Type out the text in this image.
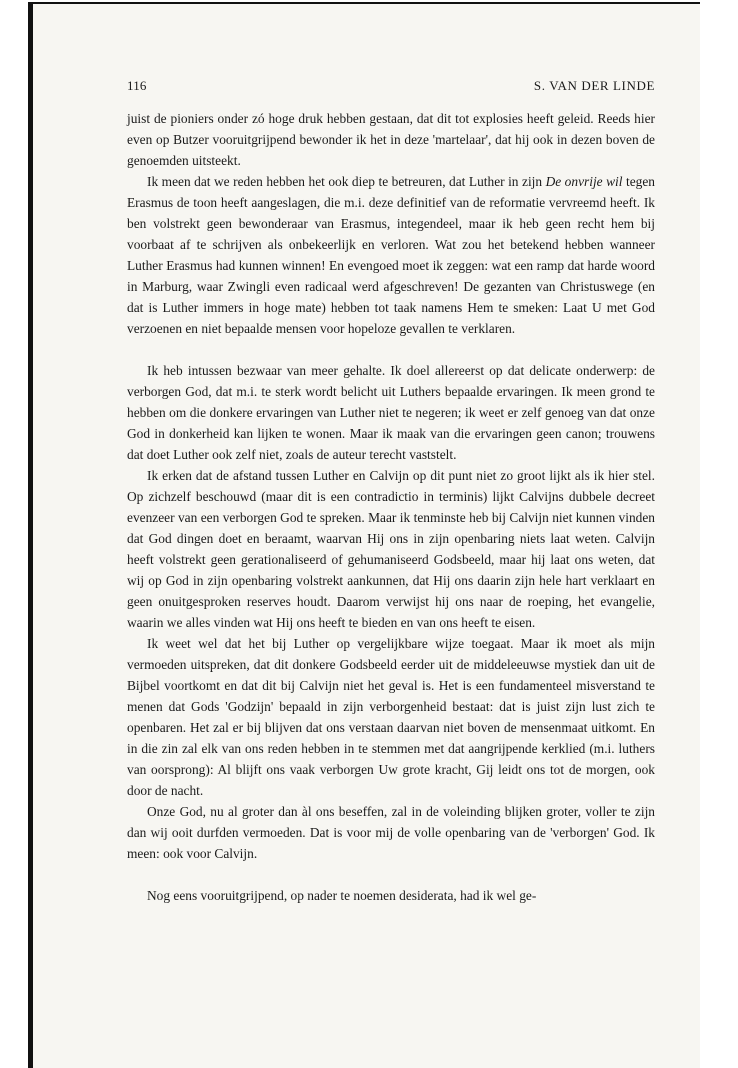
116	S. VAN DER LINDE

juist de pioniers onder zó hoge druk hebben gestaan, dat dit tot explosies heeft geleid. Reeds hier even op Butzer vooruitgrijpend bewonder ik het in deze 'martelaar', dat hij ook in dezen boven de genoemden uitsteekt.

Ik meen dat we reden hebben het ook diep te betreuren, dat Luther in zijn De onvrije wil tegen Erasmus de toon heeft aangeslagen, die m.i. deze definitief van de reformatie vervreemd heeft. Ik ben volstrekt geen bewonderaar van Erasmus, integendeel, maar ik heb geen recht hem bij voorbaat af te schrijven als onbekeerlijk en verloren. Wat zou het betekend hebben wanneer Luther Erasmus had kunnen winnen! En evengoed moet ik zeggen: wat een ramp dat harde woord in Marburg, waar Zwingli even radicaal werd afgeschreven! De gezanten van Christuswege (en dat is Luther immers in hoge mate) hebben tot taak namens Hem te smeken: Laat U met God verzoenen en niet bepaalde mensen voor hopeloze gevallen te verklaren.

Ik heb intussen bezwaar van meer gehalte. Ik doel allereerst op dat delicate onderwerp: de verborgen God, dat m.i. te sterk wordt belicht uit Luthers bepaalde ervaringen. Ik meen grond te hebben om die donkere ervaringen van Luther niet te negeren; ik weet er zelf genoeg van dat onze God in donkerheid kan lijken te wonen. Maar ik maak van die ervaringen geen canon; trouwens dat doet Luther ook zelf niet, zoals de auteur terecht vaststelt.

Ik erken dat de afstand tussen Luther en Calvijn op dit punt niet zo groot lijkt als ik hier stel. Op zichzelf beschouwd (maar dit is een contradictio in terminis) lijkt Calvijns dubbele decreet evenzeer van een verborgen God te spreken. Maar ik tenminste heb bij Calvijn niet kunnen vinden dat God dingen doet en beraamt, waarvan Hij ons in zijn openbaring niets laat weten. Calvijn heeft volstrekt geen gerationaliseerd of gehumaniseerd Godsbeeld, maar hij laat ons weten, dat wij op God in zijn openbaring volstrekt aankunnen, dat Hij ons daarin zijn hele hart verklaart en geen onuitgesproken reserves houdt. Daarom verwijst hij ons naar de roeping, het evangelie, waarin we alles vinden wat Hij ons heeft te bieden en van ons heeft te eisen.

Ik weet wel dat het bij Luther op vergelijkbare wijze toegaat. Maar ik moet als mijn vermoeden uitspreken, dat dit donkere Godsbeeld eerder uit de middeleeuwse mystiek dan uit de Bijbel voortkomt en dat dit bij Calvijn niet het geval is. Het is een fundamenteel misverstand te menen dat Gods 'Godzijn' bepaald in zijn verborgenheid bestaat: dat is juist zijn lust zich te openbaren. Het zal er bij blijven dat ons verstaan daarvan niet boven de mensenmaat uitkomt. En in die zin zal elk van ons reden hebben in te stemmen met dat aangrijpende kerklied (m.i. luthers van oorsprong): Al blijft ons vaak verborgen Uw grote kracht, Gij leidt ons tot de morgen, ook door de nacht.

Onze God, nu al groter dan àl ons beseffen, zal in de voleinding blijken groter, voller te zijn dan wij ooit durfden vermoeden. Dat is voor mij de volle openbaring van de 'verborgen' God. Ik meen: ook voor Calvijn.

Nog eens vooruitgrijpend, op nader te noemen desiderata, had ik wel ge-
